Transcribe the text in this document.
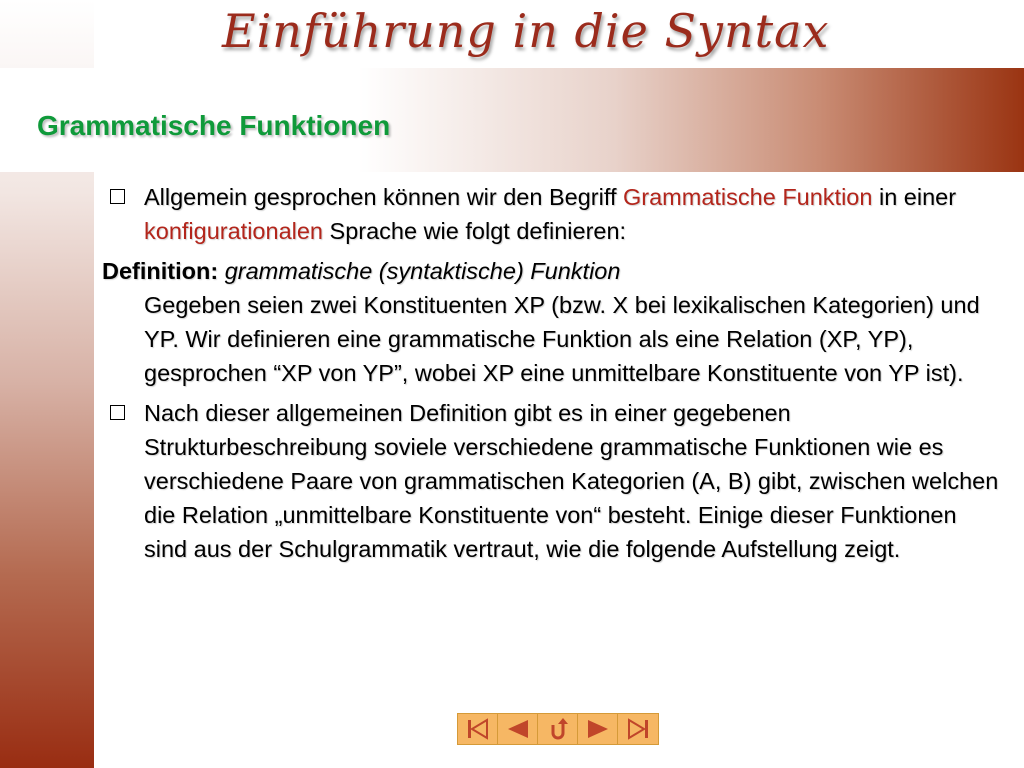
Einführung in die Syntax
Grammatische Funktionen
Allgemein gesprochen können wir den Begriff Grammatische Funktion in einer konfigurationalen Sprache wie folgt definieren:
Definition: grammatische (syntaktische) Funktion
Gegeben seien zwei Konstituenten XP (bzw. X bei lexikalischen Kategorien) und YP. Wir definieren eine grammatische Funktion als eine Relation (XP, YP), gesprochen “XP von YP”, wobei XP eine unmittelbare Konstituente von YP ist).
Nach dieser allgemeinen Definition gibt es in einer gegebenen Strukturbeschreibung soviele verschiedene grammatische Funktionen wie es verschiedene Paare von grammatischen Kategorien (A, B) gibt, zwischen welchen die Relation „unmittelbare Konstituente von“ besteht. Einige dieser Funktionen sind aus der Schulgrammatik vertraut, wie die folgende Aufstellung zeigt.
